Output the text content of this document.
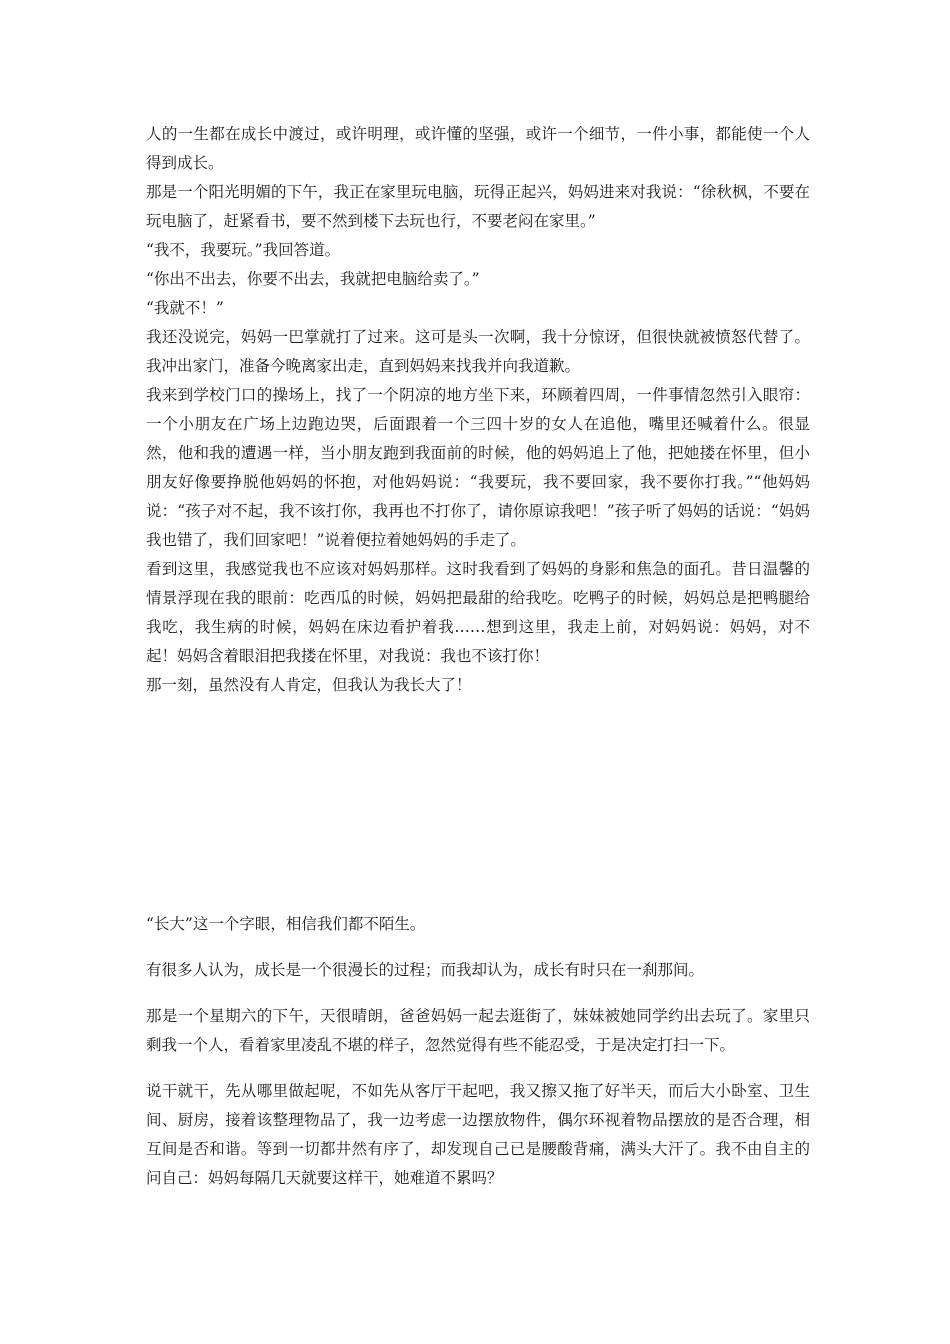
人的一生都在成长中渡过，或许明理，或许懂的坚强，或许一个细节，一件小事，都能使一个人得到成长。

那是一个阳光明媚的下午，我正在家里玩电脑，玩得正起兴，妈妈进来对我说：“徐秋枫，不要在玩电脑了，赶紧看书，要不然到楼下去玩也行，不要老闷在家里。”

“我不，我要玩。”我回答道。

“你出不出去，你要不出去，我就把电脑给卖了。”

“我就不！”

我还没说完，妈妈一巴掌就打了过来。这可是头一次啊，我十分惊讶，但很快就被愤怒代替了。我冲出家门，准备今晚离家出走，直到妈妈来找我并向我道歉。

我来到学校门口的操场上，找了一个阴凉的地方坐下来，环顾着四周，一件事情忽然引入眼帘：一个小朋友在广场上边跑边哭，后面跟着一个三四十岁的女人在追他，嘴里还喊着什么。很显然，他和我的遭遇一样，当小朋友跑到我面前的时候，他的妈妈追上了他，把她搂在怀里，但小朋友好像要挣脱他妈妈的怀抱，对他妈妈说：“我要玩，我不要回家，我不要你打我。”“他妈妈说：“孩子对不起，我不该打你，我再也不打你了，请你原谅我吧！”孩子听了妈妈的话说：“妈妈我也错了，我们回家吧！”说着便拉着她妈妈的手走了。

看到这里，我感觉我也不应该对妈妈那样。这时我看到了妈妈的身影和焦急的面孔。昔日温馨的情景浮现在我的眼前：吃西瓜的时候，妈妈把最甜的给我吃。吃鸭子的时候，妈妈总是把鸭腿给我吃，我生病的时候，妈妈在床边看护着我……想到这里，我走上前，对妈妈说：妈妈，对不起！妈妈含着眼泪把我搂在怀里，对我说：我也不该打你！

那一刻，虽然没有人肯定，但我认为我长大了！

“长大”这一个字眼，相信我们都不陌生。

有很多人认为，成长是一个很漫长的过程；而我却认为，成长有时只在一刹那间。

那是一个星期六的下午，天很晴朗，爸爸妈妈一起去逛街了，妹妹被她同学约出去玩了。家里只剩我一个人，看着家里凌乱不堪的样子，忽然觉得有些不能忍受，于是决定打扫一下。

说干就干，先从哪里做起呢，不如先从客厅干起吧，我又擦又拖了好半天，而后大小卧室、卫生间、厨房，接着该整理物品了，我一边考虑一边摆放物件，偶尔环视着物品摆放的是否合理，相互间是否和谐。等到一切都井然有序了，却发现自己已是腰酸背痛，满头大汗了。我不由自主的问自己：妈妈每隔几天就要这样干，她难道不累吗？
